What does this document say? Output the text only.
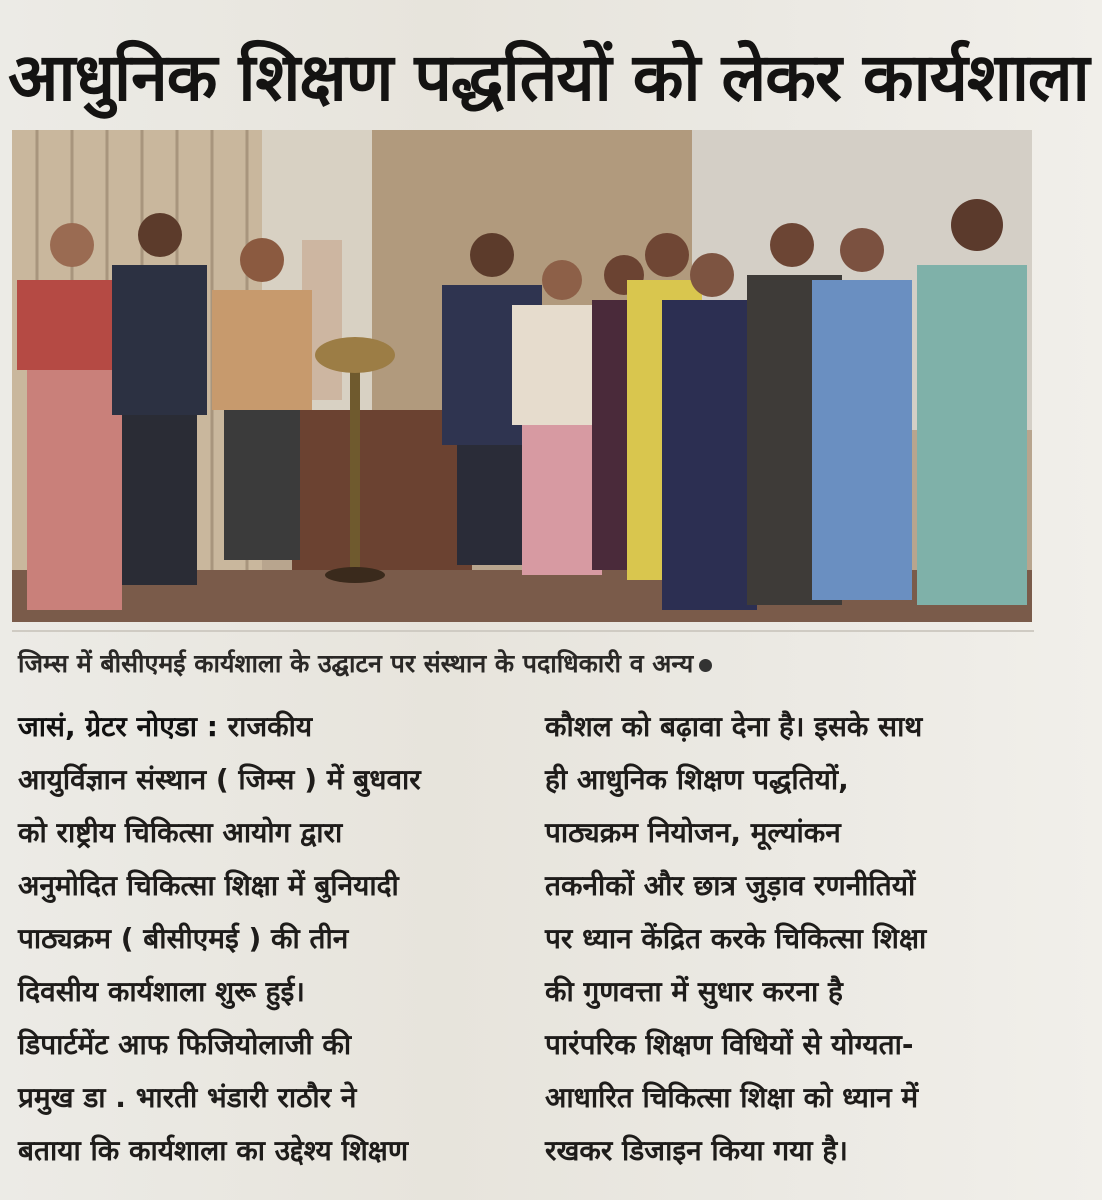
आधुनिक शिक्षण पद्धतियों को लेकर कार्यशाला

जिम्स में बीसीएमई कार्यशाला के उद्घाटन पर संस्थान के पदाधिकारी व अन्य

जासं, ग्रेटर नोएडा : राजकीय
आयुर्विज्ञान संस्थान ( जिम्स ) में बुधवार
को राष्ट्रीय चिकित्सा आयोग द्वारा
अनुमोदित चिकित्सा शिक्षा में बुनियादी
पाठ्यक्रम ( बीसीएमई ) की तीन
दिवसीय कार्यशाला शुरू हुई।
डिपार्टमेंट आफ फिजियोलाजी की
प्रमुख डा . भारती भंडारी राठौर ने
बताया कि कार्यशाला का उद्देश्य शिक्षण
कौशल को बढ़ावा देना है। इसके साथ
ही आधुनिक शिक्षण पद्धतियों,
पाठ्यक्रम नियोजन, मूल्यांकन
तकनीकों और छात्र जुड़ाव रणनीतियों
पर ध्यान केंद्रित करके चिकित्सा शिक्षा
की गुणवत्ता में सुधार करना है
पारंपरिक शिक्षण विधियों से योग्यता-
आधारित चिकित्सा शिक्षा को ध्यान में
रखकर डिजाइन किया गया है।
